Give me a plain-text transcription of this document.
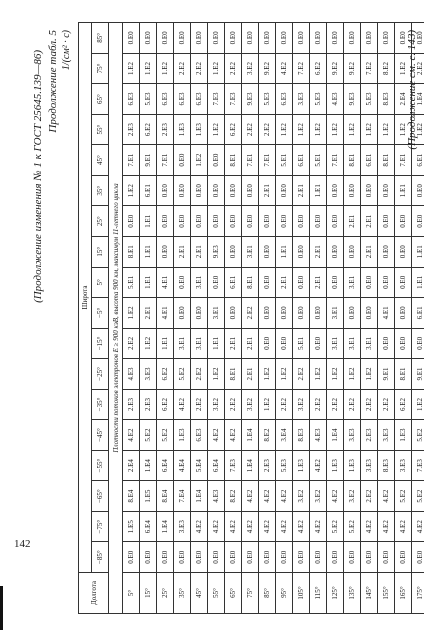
142
(Продолжение изменения № 1 к ГОСТ 25645.139—86) Продолжение табл. 5 1/(см² · с)
Долгота	Широта																	
	−85°	−75°	−65°	−55°	−45°	−35°	−25°	−15°	−5°	5°	15°	25°	35°	45°	55°	65°	75°	85°
Плотности потоков электронов E ≥ 900 кэВ, высота 900 км, максимум 11-летнего цикла																		
5°	0.E0	1.E5	8.E4	2.E4	4.E2	2.E3	4.E3	2.E2	1.E2	5.E1	8.E1	0.E0	1.E2	7.E1	2.E3	6.E3	1.E2	0.E0
15°	0.E0	6.E4	1.E5	1.E4	5.E2	2.E3	3.E3	1.E2	2.E1	1.E1	1.E1	1.E1	6.E1	9.E1	6.E2	5.E3	1.E2	0.E0
25°	0.E0	1.E4	8.E4	6.E4	5.E2	6.E2	6.E2	1.E1	4.E1	4.E1	0.E0	0.E0	0.E0	7.E1	2.E3	6.E3	1.E2	0.E0
35°	0.E0	3.E3	7.E4	4.E4	1.E3	4.E2	5.E2	3.E1	0.E0	0.E0	2.E1	0.E0	0.E0	0.E0	1.E3	6.E3	2.E2	0.E0
45°	0.E0	4.E2	1.E4	5.E4	6.E3	2.E2	2.E2	3.E1	0.E0	3.E1	2.E1	0.E0	0.E0	1.E2	1.E3	6.E3	2.E2	0.E0
55°	0.E0	4.E2	4.E3	6.E4	4.E2	3.E2	1.E2	1.E1	3.E1	0.E0	9.E3	0.E0	0.E0	0.E0	1.E2	7.E3	1.E2	0.E0
65°	0.E0	4.E2	8.E2	7.E3	4.E2	2.E2	8.E1	2.E1	0.E0	6.E1	0.E0	0.E0	0.E0	8.E1	6.E2	7.E3	2.E2	0.E0
75°	0.E0	4.E2	4.E2	1.E4	1.E4	3.E2	2.E1	2.E1	2.E2	8.E1	3.E1	0.E0	0.E0	7.E1	2.E2	9.E3	3.E2	0.E0
85°	0.E0	4.E2	4.E2	2.E3	8.E2	1.E2	1.E2	0.E0	0.E0	0.E0	0.E0	0.E0	2.E1	7.E1	2.E2	5.E3	9.E2	0.E0
95°	0.E0	4.E2	4.E2	5.E3	3.E4	2.E2	1.E2	0.E0	0.E0	2.E1	1.E1	0.E0	0.E0	5.E1	1.E2	6.E3	4.E2	0.E0
105°	0.E0	4.E2	3.E2	1.E3	8.E3	3.E2	2.E2	5.E1	0.E0	0.E0	0.E0	0.E0	2.E1	6.E1	1.E2	3.E3	7.E2	0.E0
115°	0.E0	4.E2	3.E2	4.E2	4.E3	2.E2	1.E2	0.E0	0.E0	2.E1	2.E1	0.E0	1.E1	5.E1	1.E2	5.E3	6.E2	0.E0
125°	0.E0	5.E2	4.E2	1.E3	1.E4	2.E2	1.E2	3.E1	3.E1	0.E0	0.E0	0.E0	0.E0	7.E1	1.E2	4.E3	9.E2	0.E0
135°	0.E0	5.E2	3.E2	1.E3	3.E3	2.E2	1.E2	3.E1	0.E0	3.E1	0.E0	2.E1	0.E0	8.E1	1.E2	9.E3	9.E2	0.E0
145°	0.E0	4.E2	2.E2	3.E3	2.E3	2.E2	1.E2	3.E1	0.E0	0.E0	2.E1	2.E1	0.E0	6.E1	1.E2	5.E3	7.E2	0.E0
155°	0.E0	4.E2	4.E2	8.E3	3.E3	2.E2	9.E1	0.E0	4.E1	0.E0	0.E0	0.E0	0.E0	8.E1	1.E2	8.E3	8.E2	0.E0
165°	0.E0	4.E2	5.E2	3.E3	1.E3	6.E2	8.E1	0.E0	0.E0	0.E0	0.E0	0.E0	1.E1	7.E1	1.E2	2.E4	1.E2	0.E0
175°	0.E0	4.E2	5.E2	7.E3	5.E2	1.E2	9.E1	0.E0	6.E1	1.E1	1.E1	0.E0	0.E0	6.E1	1.E2	1.E4	2.E2	0.E0
(Продолжение см. с. 143)
